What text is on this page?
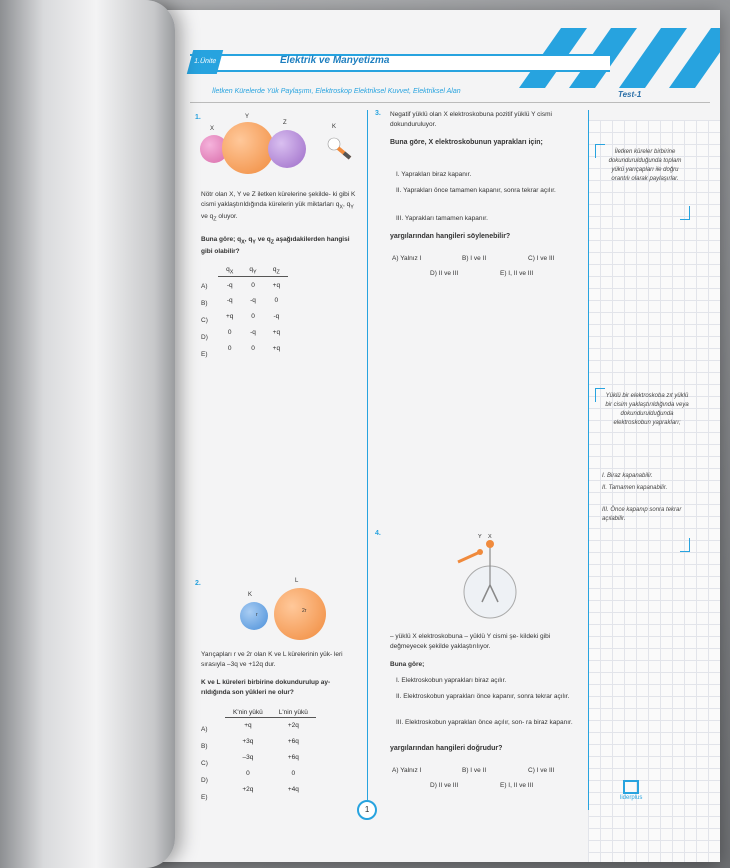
1.Ünite	Elektrik ve Manyetizma
İletken Kürelerde Yük Paylaşımı, Elektroskop Elektriksel Kuvvet, Elektriksel Alan	Test-1
1.
X
Y
Z
K
Nötr olan X, Y ve Z iletken kürelerine şekilde- ki gibi K cismi yaklaştırıldığında kürelerin yük miktarları $q_X$, $q_Y$ ve $q_Z$ oluyor.
Buna göre; $q_X$, $q_Y$ ve $q_Z$ aşağıdakilerden hangisi gibi olabilir?
$q_X$	$q_Y$	$q_Z$
-q	0	+q
-q	-q	0
+q	0	-q
0	-q	+q
0	0	+q
A)
B)
C)
D)
E)
2.
K
L
r
2r
Yarıçapları r ve 2r olan K ve L kürelerinin yük- leri sırasıyla –3q ve +12q dur.
K ve L küreleri birbirine dokundurulup ay- rıldığında son yükleri ne olur?
K'nin yükü	L'nin yükü
+q	+2q
+3q	+6q
–3q	+6q
0	0
+2q	+4q
A)
B)
C)
D)
E)
3. Negatif yüklü olan X elektroskobuna pozitif yüklü Y cismi dokunduruluyor.
Buna göre, X elektroskobunun yaprakları için;
I. Yaprakları biraz kapanır.
II. Yaprakları önce tamamen kapanır, sonra tekrar açılır.
III. Yaprakları tamamen kapanır.
yargılarından hangileri söylenebilir?
A) Yalnız I	B) I ve II	C) I ve III
D) II ve III	E) I, II ve III
4.	Y X
– yüklü X elektroskobuna – yüklü Y cismi şe- kildeki gibi değmeyecek şekilde yaklaştırılıyor.
Buna göre;
I. Elektroskobun yaprakları biraz açılır.
II. Elektroskobun yaprakları önce kapanır, sonra tekrar açılır.
III. Elektroskobun yaprakları önce açılır, son- ra biraz kapanır.
yargılarından hangileri doğrudur?
A) Yalnız I	B) I ve II	C) I ve III
D) II ve III	E) I, II ve III
İletken küreler birbirine dokundurulduğunda toplam yükü yarıçapları ile doğru orantılı olarak paylaşırlar.
Yüklü bir elektroskoba zıt yüklü bir cisim yaklaştırıldığında veya dokundurulduğunda elektroskobun yaprakları;
I. Biraz kapanabilir.
II. Tamamen kapanabilir.
III. Önce kapanıp sonra tekrar açılabilir.
1
liderplus
